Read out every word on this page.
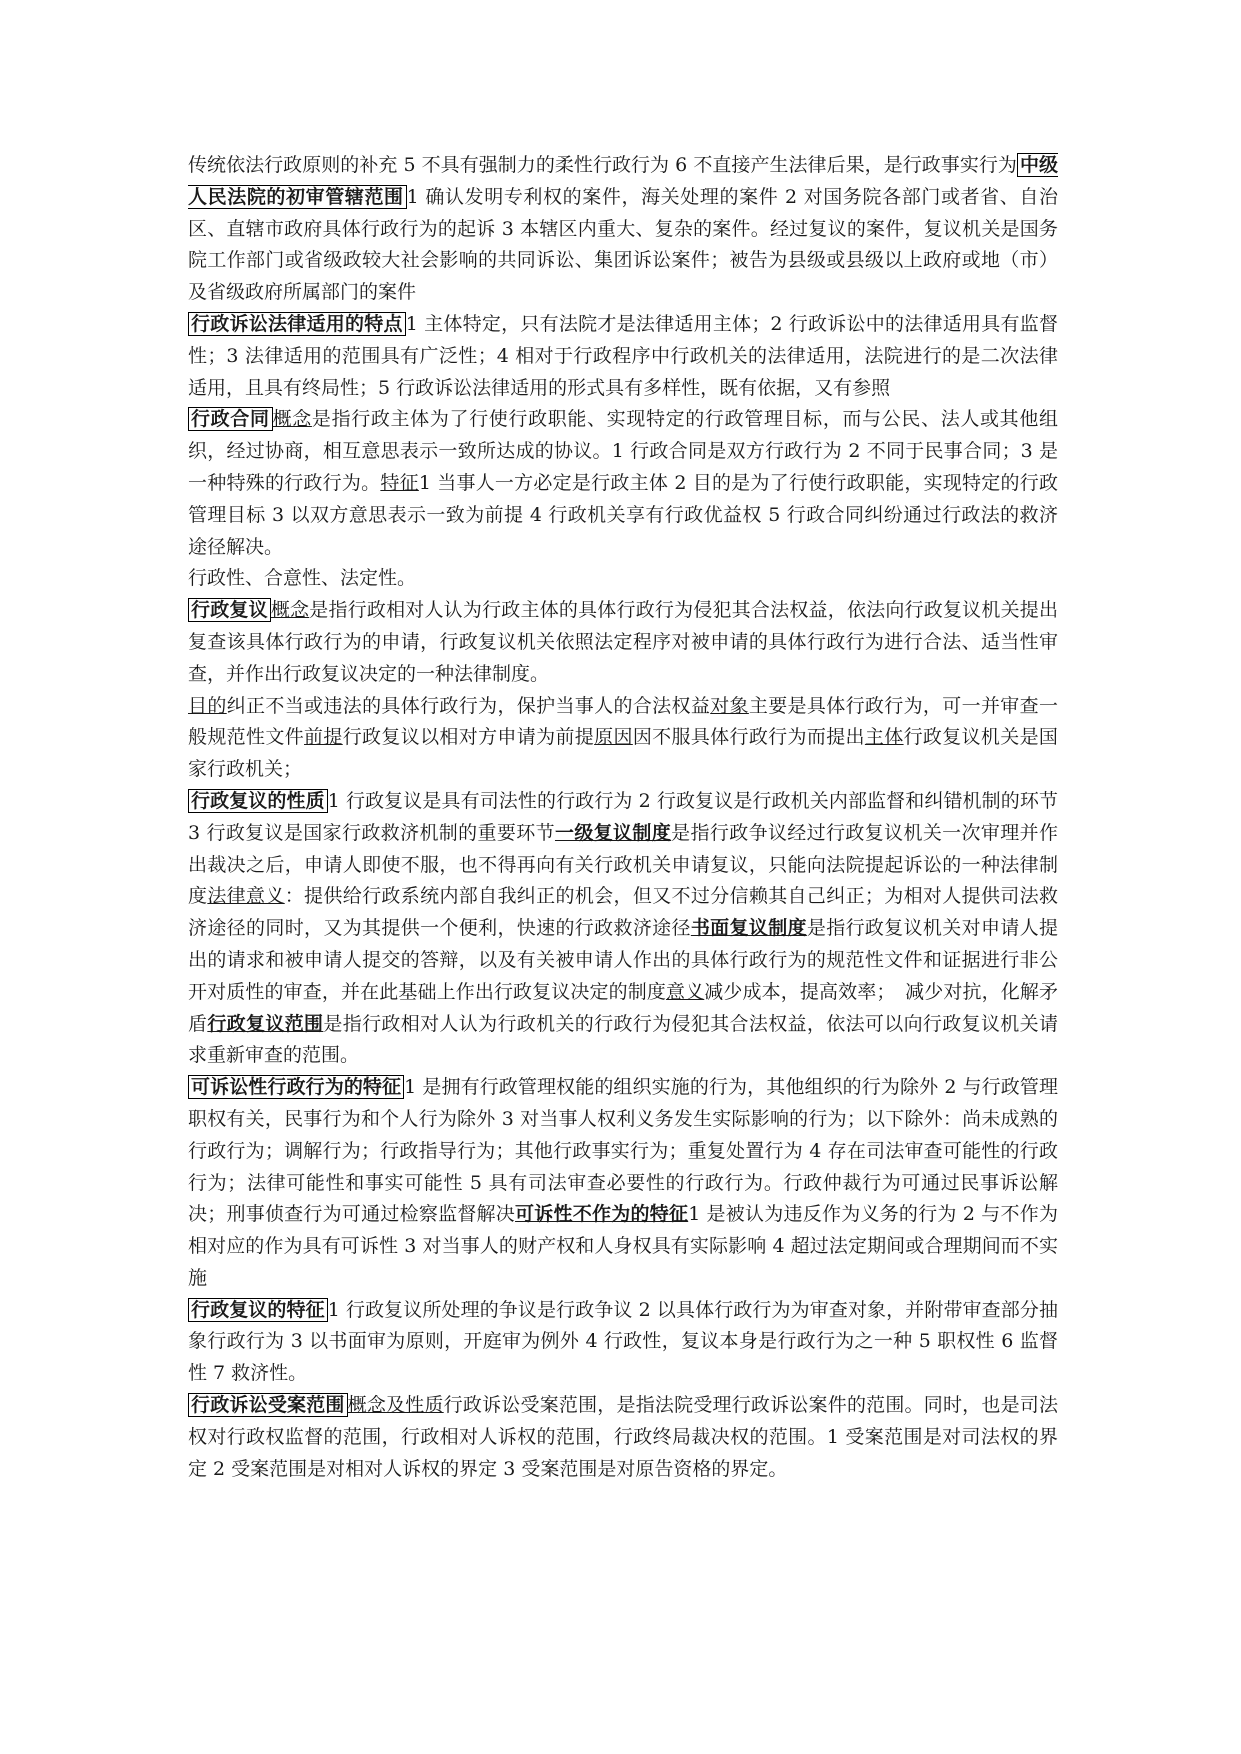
传统依法行政原则的补充 5 不具有强制力的柔性行政行为 6 不直接产生法律后果，是行政事实行为 中级人民法院的初审管辖范围 1 确认发明专利权的案件，海关处理的案件 2 对国务院各部门或者省、自治区、直辖市政府具体行政行为的起诉 3 本辖区内重大、复杂的案件。经过复议的案件，复议机关是国务院工作部门或省级政较大社会影响的共同诉讼、集团诉讼案件；被告为县级或县级以上政府或地（市）及省级政府所属部门的案件

行政诉讼法律适用的特点 1 主体特定，只有法院才是法律适用主体；2 行政诉讼中的法律适用具有监督性；3 法律适用的范围具有广泛性；4 相对于行政程序中行政机关的法律适用，法院进行的是二次法律适用，且具有终局性；5 行政诉讼法律适用的形式具有多样性，既有依据，又有参照

行政合同 概念是指行政主体为了行使行政职能、实现特定的行政管理目标，而与公民、法人或其他组织，经过协商，相互意思表示一致所达成的协议。1 行政合同是双方行政行为 2 不同于民事合同；3 是一种特殊的行政行为。特征1 当事人一方必定是行政主体 2 目的是为了行使行政职能，实现特定的行政管理目标 3 以双方意思表示一致为前提 4 行政机关享有行政优益权 5 行政合同纠纷通过行政法的救济途径解决。

行政性、合意性、法定性。

行政复议 概念是指行政相对人认为行政主体的具体行政行为侵犯其合法权益，依法向行政复议机关提出复查该具体行政行为的申请，行政复议机关依照法定程序对被申请的具体行政行为进行合法、适当性审查，并作出行政复议决定的一种法律制度。

目的纠正不当或违法的具体行政行为，保护当事人的合法权益对象主要是具体行政行为，可一并审查一般规范性文件前提行政复议以相对方申请为前提原因因不服具体行政行为而提出主体行政复议机关是国家行政机关；

行政复议的性质 1 行政复议是具有司法性的行政行为 2 行政复议是行政机关内部监督和纠错机制的环节 3 行政复议是国家行政救济机制的重要环节一级复议制度是指行政争议经过行政复议机关一次审理并作出裁决之后，申请人即使不服，也不得再向有关行政机关申请复议，只能向法院提起诉讼的一种法律制度法律意义：提供给行政系统内部自我纠正的机会，但又不过分信赖其自己纠正；为相对人提供司法救济途径的同时，又为其提供一个便利，快速的行政救济途径书面复议制度是指行政复议机关对申请人提出的请求和被申请人提交的答辩，以及有关被申请人作出的具体行政行为的规范性文件和证据进行非公开对质性的审查，并在此基础上作出行政复议决定的制度意义减少成本，提高效率；　减少对抗，化解矛盾行政复议范围是指行政相对人认为行政机关的行政行为侵犯其合法权益，依法可以向行政复议机关请求重新审查的范围。

可诉讼性行政行为的特征 1 是拥有行政管理权能的组织实施的行为，其他组织的行为除外 2 与行政管理职权有关，民事行为和个人行为除外 3 对当事人权利义务发生实际影响的行为；以下除外：尚未成熟的行政行为；调解行为；行政指导行为；其他行政事实行为；重复处置行为 4 存在司法审查可能性的行政行为；法律可能性和事实可能性 5 具有司法审查必要性的行政行为。行政仲裁行为可通过民事诉讼解决；刑事侦查行为可通过检察监督解决可诉性不作为的特征1 是被认为违反作为义务的行为 2 与不作为相对应的作为具有可诉性 3 对当事人的财产权和人身权具有实际影响 4 超过法定期间或合理期间而不实施

行政复议的特征 1 行政复议所处理的争议是行政争议 2 以具体行政行为为审查对象，并附带审查部分抽象行政行为 3 以书面审为原则，开庭审为例外 4 行政性，复议本身是行政行为之一种 5 职权性 6 监督性 7 救济性。

行政诉讼受案范围 概念及性质行政诉讼受案范围，是指法院受理行政诉讼案件的范围。同时，也是司法权对行政权监督的范围，行政相对人诉权的范围，行政终局裁决权的范围。1 受案范围是对司法权的界定 2 受案范围是对相对人诉权的界定 3 受案范围是对原告资格的界定。
